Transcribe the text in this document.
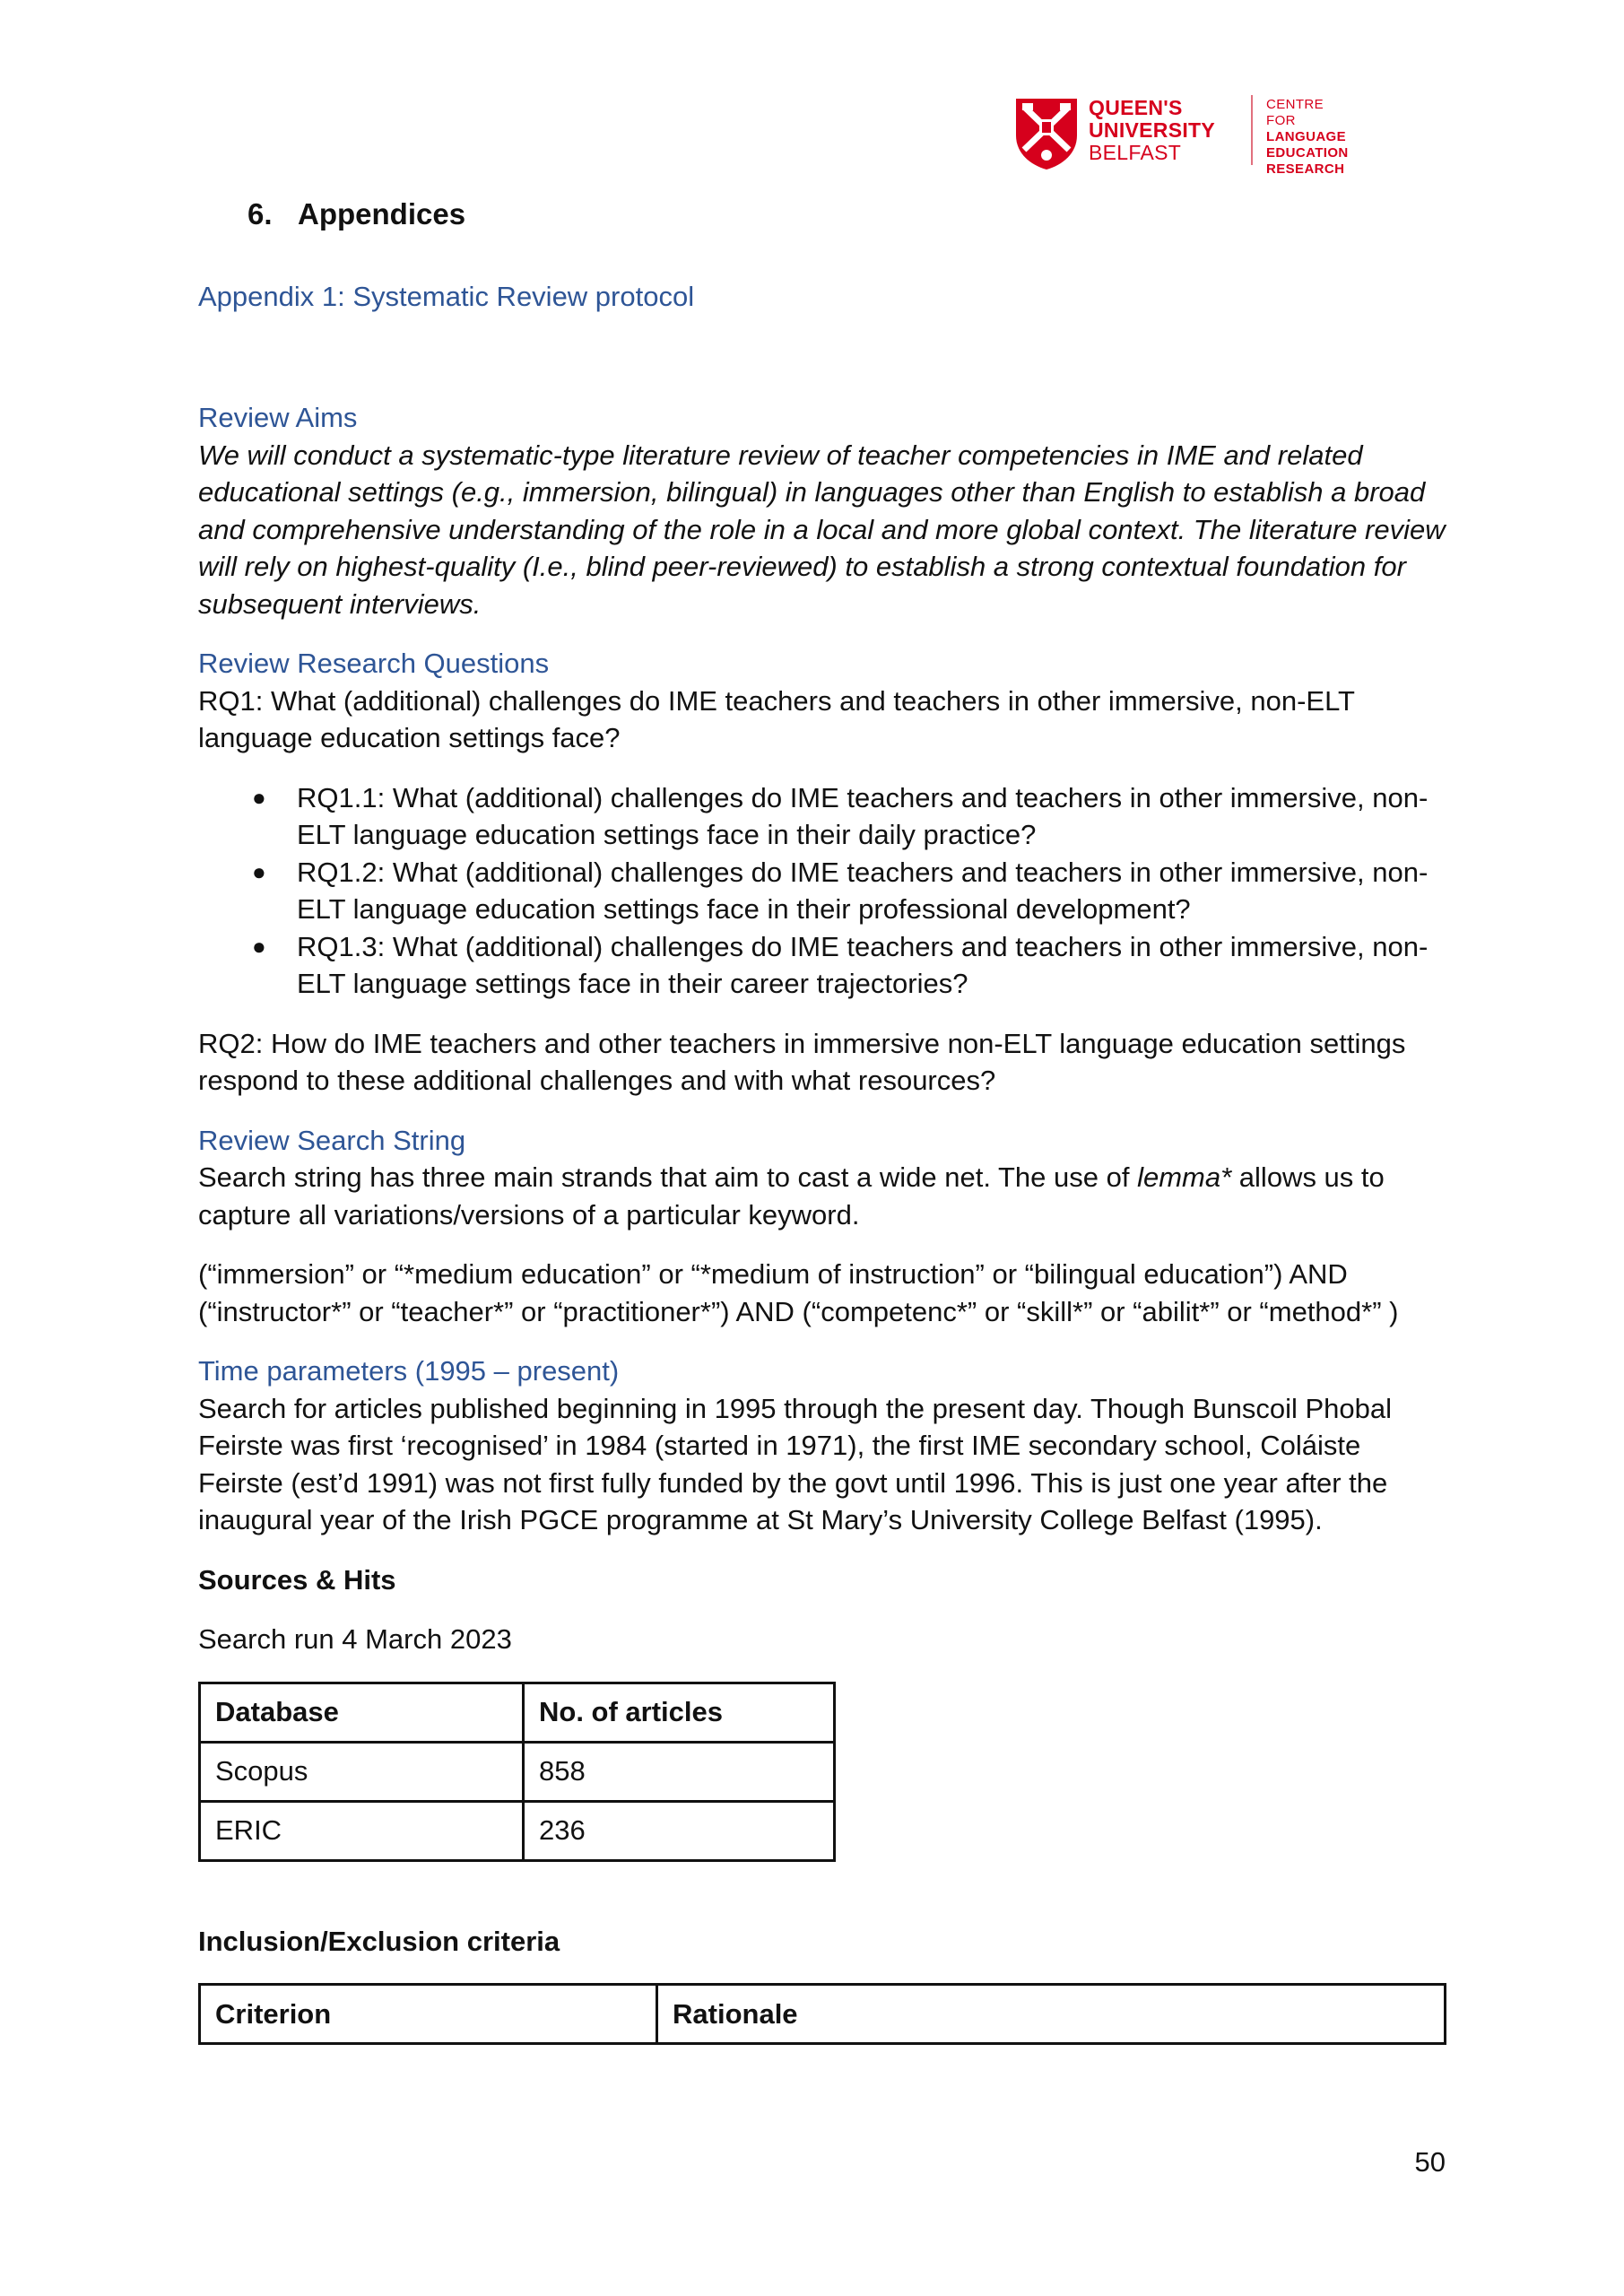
QUEEN'S
UNIVERSITY
BELFAST
CENTRE FOR
LANGUAGE
EDUCATION
RESEARCH
6. Appendices
Appendix 1: Systematic Review protocol
Review Aims

We will conduct a systematic-type literature review of teacher competencies in IME and related educational settings (e.g., immersion, bilingual) in languages other than English to establish a broad and comprehensive understanding of the role in a local and more global context. The literature review will rely on highest-quality (I.e., blind peer-reviewed) to establish a strong contextual foundation for subsequent interviews.

Review Research Questions

RQ1: What (additional) challenges do IME teachers and teachers in other immersive, non-ELT language education settings face?

● RQ1.1: What (additional) challenges do IME teachers and teachers in other immersive, non-ELT language education settings face in their daily practice?
● RQ1.2: What (additional) challenges do IME teachers and teachers in other immersive, non-ELT language education settings face in their professional development?
● RQ1.3: What (additional) challenges do IME teachers and teachers in other immersive, non-ELT language settings face in their career trajectories?

RQ2: How do IME teachers and other teachers in immersive non-ELT language education settings respond to these additional challenges and with what resources?

Review Search String

Search string has three main strands that aim to cast a wide net. The use of lemma* allows us to capture all variations/versions of a particular keyword.

(“immersion” or “*medium education” or “*medium of instruction” or “bilingual education”) AND (“instructor*” or “teacher*” or “practitioner*”) AND (“competenc*” or “skill*” or “abilit*” or “method*” )

Time parameters (1995 – present)

Search for articles published beginning in 1995 through the present day. Though Bunscoil Phobal Feirste was first ‘recognised’ in 1984 (started in 1971), the first IME secondary school, Coláiste Feirste (est’d 1991) was not first fully funded by the govt until 1996. This is just one year after the inaugural year of the Irish PGCE programme at St Mary’s University College Belfast (1995).

Sources & Hits

Search run 4 March 2023

Database	No. of articles
Scopus	858
ERIC	236
Inclusion/Exclusion criteria
Criterion	Rationale
50
